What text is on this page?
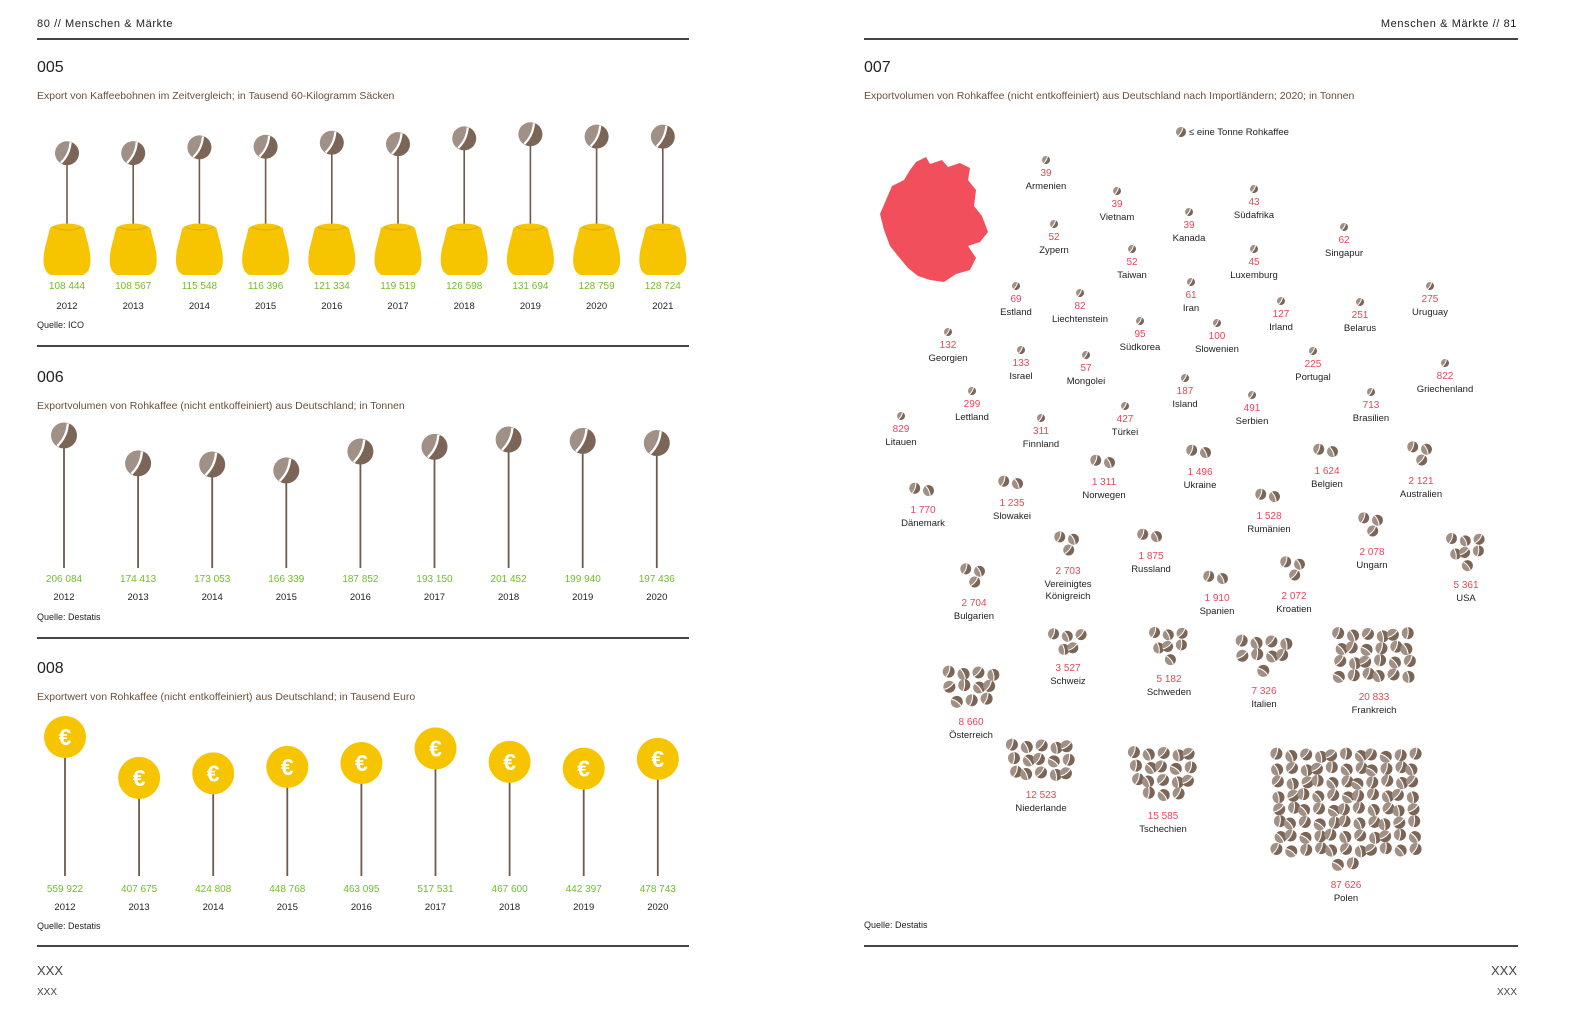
80 // Menschen & Märkte	Menschen & Märkte // 81
005
Export von Kaffeebohnen im Zeitvergleich; in Tausend 60-Kilogramm Säcken
108 444
2012
108 567
2013
115 548
2014
116 396
2015
121 334
2016
119 519
2017
126 598
2018
131 694
2019
128 759
2020
128 724
2021
Quelle: ICO
006
Exportvolumen von Rohkaffee (nicht entkoffeiniert) aus Deutschland; in Tonnen
206 084
2012
174 413
2013
173 053
2014
166 339
2015
187 852
2016
193 150
2017
201 452
2018
199 940
2019
197 436
2020
Quelle: Destatis
008
Exportwert von Rohkaffee (nicht entkoffeiniert) aus Deutschland; in Tausend Euro
€
€	€	€	€
€
€	€	€
559 922
2012
407 675
2013
424 808
2014
448 768
2015
463 095
2016
517 531
2017
467 600
2018
442 397
2019
478 743
2020
Quelle: Destatis
XXX
XXX
007
Exportvolumen von Rohkaffee (nicht entkoffeiniert) aus Deutschland nach Importländern; 2020; in Tonnen
≤ eine Tonne Rohkaffee
39
Armenien
39
Vietnam
39
Kanada
43
Südafrika
52
Zypern
52
Taiwan
45
Luxemburg
62
Singapur
69
Estland
82
Liechtenstein
61
Iran
127
Irland
251
Belarus
275
Uruguay
132
Georgien
95
Südkorea
100
Slowenien
133
Israel
57
Mongolei
225
Portugal	822
Griechenland
299
Lettland
187
Island	491
Serbien
713
Brasilien
829
Litauen
311
Finnland
427
Türkei
1 311
Norwegen
1 496
Ukraine
1 624
Belgien	2 121
Australien
1 770
Dänemark
1 235
Slowakei	1 528
Rumänien
1 875
Russland
2 078
Ungarn
2 703
Vereinigtes
Königreich
5 361
USA
2 704
Bulgarien
1 910
Spanien
2 072
Kroatien
3 527
Schweiz	5 182
Schweden	7 326
Italien
20 833
Frankreich
8 660
Österreich
12 523
Niederlande
15 585
Tschechien
87 626
Polen
Quelle: Destatis
XXX
XXX
